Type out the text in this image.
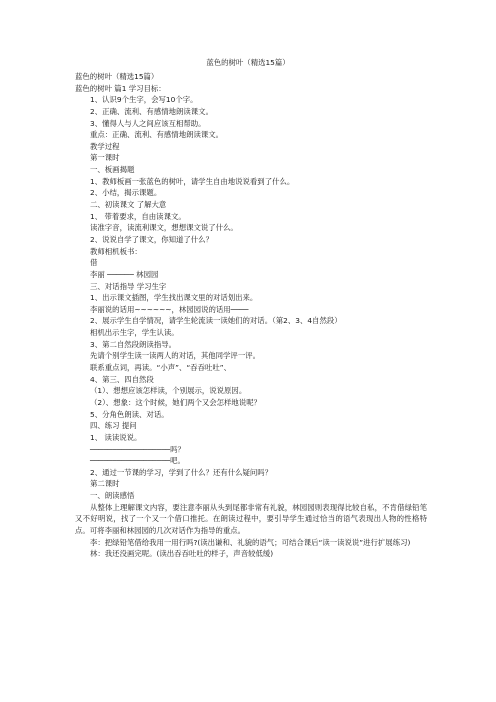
蓝色的树叶（精选15篇）
蓝色的树叶（精选15篇）
蓝色的树叶 篇1 学习目标：
1、认识9个生字，会写10个字。
2、正确、流利、有感情地朗读课文。
3、懂得人与人之间应该互相帮助。
重点：正确、流利、有感情地朗读课文。
教学过程
第一课时
一、板画揭题
1、教师板画一张蓝色的树叶，请学生自由地说说看到了什么。
2、小结，揭示课题。
二、初读课文 了解大意
1、 带着要求，自由读课文。
读准字音，读流利课文，想想课文说了什么。
2、说说自学了课文，你知道了什么？
教师相机板书：
借
李丽 ────── 林园园
三、对话指导 学习生字
1、出示课文插图，学生找出课文里的对话划出来。
李丽说的话用~~~~~~，林园园说的话用────
2、展示学生自学情况，请学生轮流读一读她们的对话。（第2、3、4自然段）
相机出示生字，学生认读。
3、第二自然段朗读指导。
先请个别学生读一读两人的对话，其他同学评一评。
联系重点词，再读。“小声”、“吞吞吐吐”、
4、第三、四自然段
（1）、想想应该怎样读，个别展示，说说原因。
（2）、想象：这个时候，她们两个又会怎样地说呢？
5、分角色朗读、对话。
四、练习 提问
1、 读读说说。
──────────────────吗？
──────────────────吧。
2、通过一节课的学习，学到了什么？还有什么疑问吗？
第二课时
一、朗读感悟
从整体上理解课文内容，要注意李丽从头到尾都非常有礼貌，林园园则表现得比较自私，不肯借绿铅笔又不好明说，找了一个又一个借口推托。在朗读过程中，要引导学生通过恰当的语气表现出人物的性格特点。可将李丽和林园园的几次对话作为指导的重点。
李：把绿铅笔借给我用一用行吗?(读出谦和、礼貌的语气；可结合课后“读一读说说”进行扩展练习)
林：我还没画完呢。(读出吞吞吐吐的样子，声音较低缓)
